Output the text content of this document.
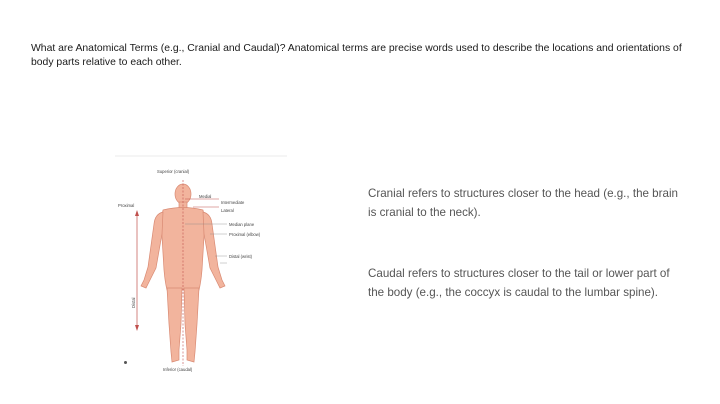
What are Anatomical Terms (e.g., Cranial and Caudal)? Anatomical terms are precise words used to describe the locations and orientations of body parts relative to each other.

Superior (cranial)
Proximal
Medial
Intermediate
Lateral
Median plane
Proximal (elbow)
Distal (wrist)
Distal
Inferior (caudal)

Cranial refers to structures closer to the head (e.g., the brain is cranial to the neck).

Caudal refers to structures closer to the tail or lower part of the body (e.g., the coccyx is caudal to the lumbar spine).
